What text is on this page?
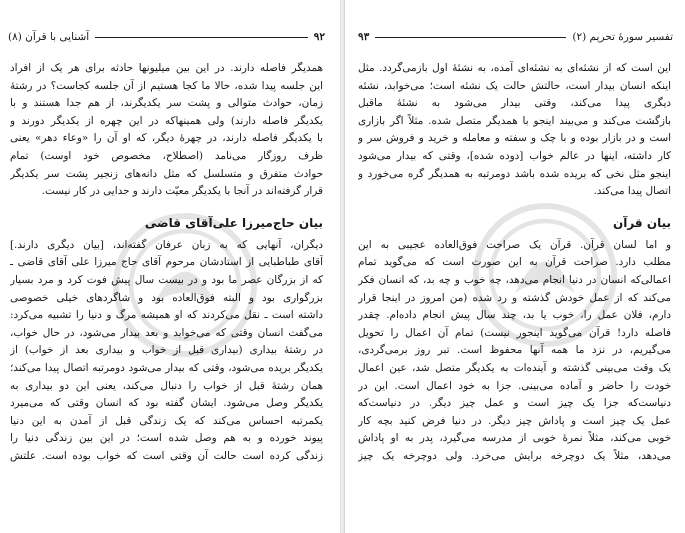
۹۲
آشنایی با قرآن (۸)
همدیگر فاصله دارند. در این بین میلیونها حادثه برای هر یک از افراد
این جلسه پیدا شده، حالا ما کجا هستیم از آن جلسه کجاست؟ در رشتهٔ
زمان، حوادث متوالی و پشت سر یکدیگرند، از هم جدا هستند و با
یکدیگر فاصله دارند) ولی همینها‌که در این چهره از یکدیگر دورند و
با یکدیگر فاصله دارند، در چهرهٔ دیگر، که او آن را «وعاء دهر» یعنی
ظرف روزگار می‌نامد (اصطلاح، مخصوص خود اوست) تمام
حوادث متفرق و متسلسل که مثل دانه‌های زنجیر پشت سر یکدیگر
قرار گرفته‌اند در آنجا با یکدیگر معیّت دارند و جدایی در کار نیست.
بیان حاج‌میرزا علی‌آقای قاضی
دیگران، آنهایی که به زبان عرفان گفته‌اند، [بیان دیگری دارند.]
آقای طباطبایی از استادشان مرحوم آقای حاج میرزا علی آقای قاضی ـ
که از بزرگان عصر ما بود و در بیست سال پیش فوت کرد و مرد بسیار
بزرگواری بود و البته فوق‌العاده بود و شاگردهای خیلی خصوصی
داشته است ـ نقل می‌کردند که او همیشه مرگ و دنیا را تشبیه می‌کرد:
می‌گفت انسان وقتی که می‌خوابد و بعد بیدار می‌شود، در حال خواب،
در رشتهٔ بیداری (بیداری قبل از خواب و بیداری بعد از خواب) از
یکدیگر بریده می‌شود، وقتی که بیدار می‌شود دومرتبه اتصال پیدا می‌کند؛
همان رشتهٔ قبل از خواب را دنبال می‌کند، یعنی این دو بیداری به
یکدیگر وصل می‌شود. ایشان گفته بود که انسان وقتی که می‌میرد
یکمرتبه احساس می‌کند که یک زندگی قبل از آمدن به این دنیا
پیوند خورده و به هم وصل شده است؛ در این بین زندگی دنیا را
زندگی کرده است حالت آن وقتی است که خواب بوده است. علتش
تفسیر سورهٔ تحریم (۲)
۹۳
این است که از نشئه‌ای به نشئه‌ای آمده، به نشئهٔ اول بازمی‌گردد. مثل
اینکه انسان بیدار است، حالتش حالت یک نشئه است؛ می‌خوابد، نشئه
دیگری پیدا می‌کند، وقتی بیدار می‌شود به نشئهٔ ماقبل
بازگشت می‌کند و می‌بیند اینجو با همدیگر متصل شده. مثلاً اگر بازاری
است و در بازار بوده و با چک و سفته و معامله و خرید و فروش سر و
کار داشته، اینها در عالم خواب [دوده شده]، وقتی که بیدار می‌شود
اینجو مثل نخی که بریده شده باشد دومرتبه به همدیگر گره می‌خورد و
اتصال پیدا می‌کند.
بیان قرآن
و اما لسان قرآن. قرآن یک صراحت فوق‌العاده عجیبی به این
مطلب دارد. صراحت قرآن به این صورت است که می‌گوید تمام
اعمالی‌که انسان در دنیا انجام می‌دهد، چه خوب و چه بد، که انسان فکر
می‌کند که از عمل خودش گذشته و رد شده (من امروز در اینجا قرار
دارم، فلان عمل را، خوب یا بد، چند سال پیش انجام داده‌ام. چقدر
فاصله دارد! قرآن می‌گوید اینجور نیست) تمام آن اعمال را تحویل
می‌گیریم، در نزد ما همه آنها محفوظ است. تبر روز برمی‌گردی،
یک وقت می‌بینی گذشته و آینده‌ات به یکدیگر متصل شد، عین اعمال
خودت را حاضر و آماده می‌بینی. جزا به خود اعمال است. این در
دنیاست‌که جزا یک چیز است و عمل چیز دیگر. در دنیا‌ست‌که
عمل یک چیز است و پاداش چیز دیگر. در دنیا فرض کنید بچه کار
خوبی می‌کند، مثلاً نمرهٔ خوبی از مدرسه می‌گیرد، پدر به او پاداش
می‌دهد، مثلاً یک دوچرخه برایش می‌خرد. ولی دوچرخه یک چیز
